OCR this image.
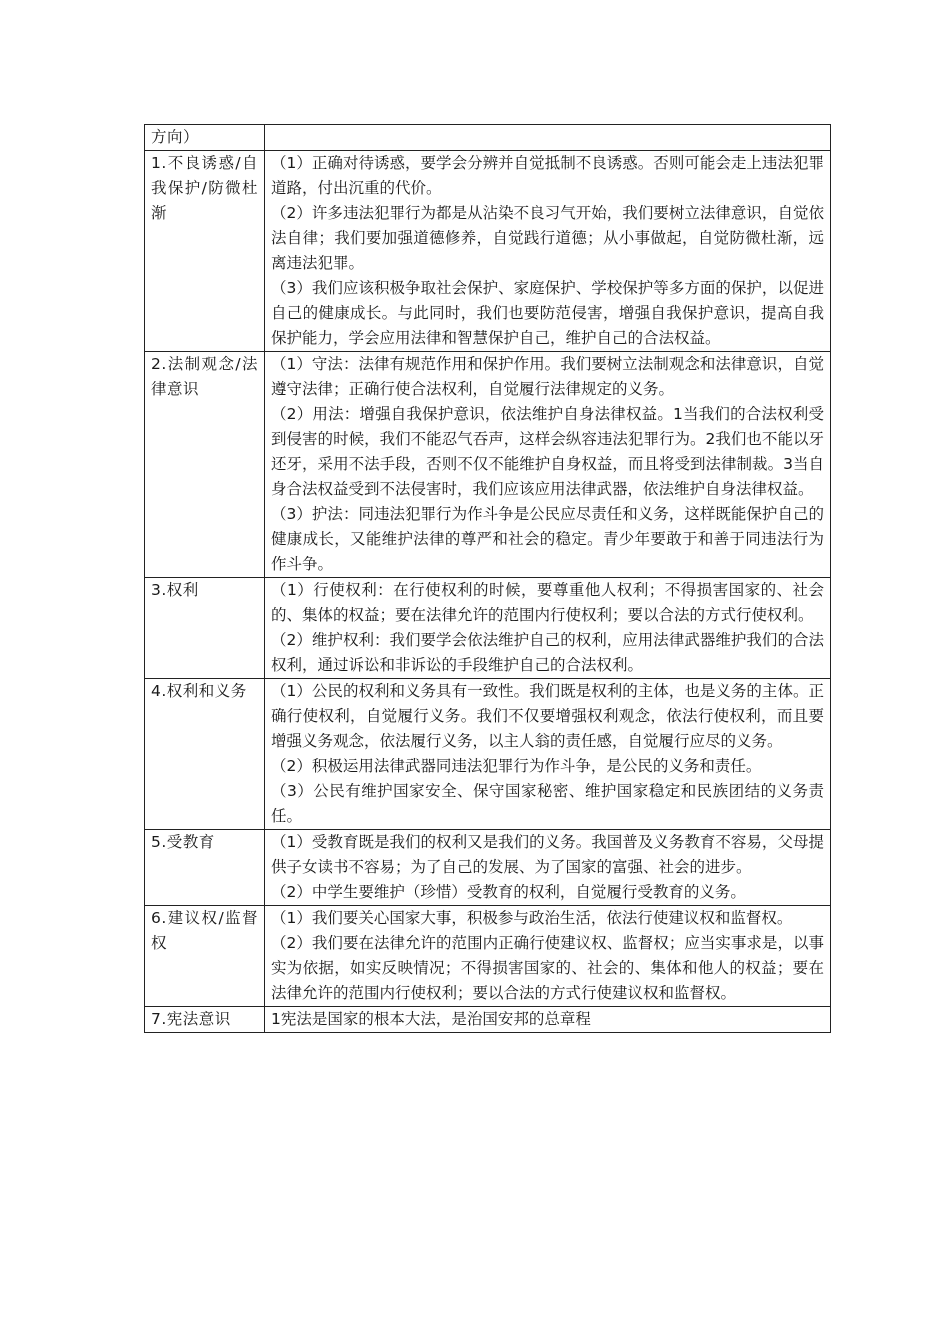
方向）	
1.不良诱惑/自我保护/防微杜渐	（1）正确对待诱惑，要学会分辨并自觉抵制不良诱惑。否则可能会走上违法犯罪道路，付出沉重的代价。
（2）许多违法犯罪行为都是从沾染不良习气开始，我们要树立法律意识，自觉依法自律；我们要加强道德修养，自觉践行道德；从小事做起，自觉防微杜渐，远离违法犯罪。
（3）我们应该积极争取社会保护、家庭保护、学校保护等多方面的保护，以促进自己的健康成长。与此同时，我们也要防范侵害，增强自我保护意识，提高自我保护能力，学会应用法律和智慧保护自己，维护自己的合法权益。

2.法制观念/法律意识	（1）守法：法律有规范作用和保护作用。我们要树立法制观念和法律意识，自觉遵守法律；正确行使合法权利，自觉履行法律规定的义务。
（2）用法：增强自我保护意识，依法维护自身法律权益。1当我们的合法权利受到侵害的时候，我们不能忍气吞声，这样会纵容违法犯罪行为。2我们也不能以牙还牙，采用不法手段，否则不仅不能维护自身权益，而且将受到法律制裁。3当自身合法权益受到不法侵害时，我们应该应用法律武器，依法维护自身法律权益。
（3）护法：同违法犯罪行为作斗争是公民应尽责任和义务，这样既能保护自己的健康成长，又能维护法律的尊严和社会的稳定。青少年要敢于和善于同违法行为作斗争。

3.权利	（1）行使权利：在行使权利的时候，要尊重他人权利；不得损害国家的、社会的、集体的权益；要在法律允许的范围内行使权利；要以合法的方式行使权利。
（2）维护权利：我们要学会依法维护自己的权利，应用法律武器维护我们的合法权利，通过诉讼和非诉讼的手段维护自己的合法权利。

4.权利和义务	（1）公民的权利和义务具有一致性。我们既是权利的主体，也是义务的主体。正确行使权利，自觉履行义务。我们不仅要增强权利观念，依法行使权利，而且要增强义务观念，依法履行义务，以主人翁的责任感，自觉履行应尽的义务。
（2）积极运用法律武器同违法犯罪行为作斗争，是公民的义务和责任。
（3）公民有维护国家安全、保守国家秘密、维护国家稳定和民族团结的义务责任。

5.受教育	（1）受教育既是我们的权利又是我们的义务。我国普及义务教育不容易，父母提供子女读书不容易；为了自己的发展、为了国家的富强、社会的进步。
（2）中学生要维护（珍惜）受教育的权利，自觉履行受教育的义务。

6.建议权/监督权	（1）我们要关心国家大事，积极参与政治生活，依法行使建议权和监督权。
（2）我们要在法律允许的范围内正确行使建议权、监督权；应当实事求是，以事实为依据，如实反映情况；不得损害国家的、社会的、集体和他人的权益；要在法律允许的范围内行使权利；要以合法的方式行使建议权和监督权。

7.宪法意识	1宪法是国家的根本大法，是治国安邦的总章程
